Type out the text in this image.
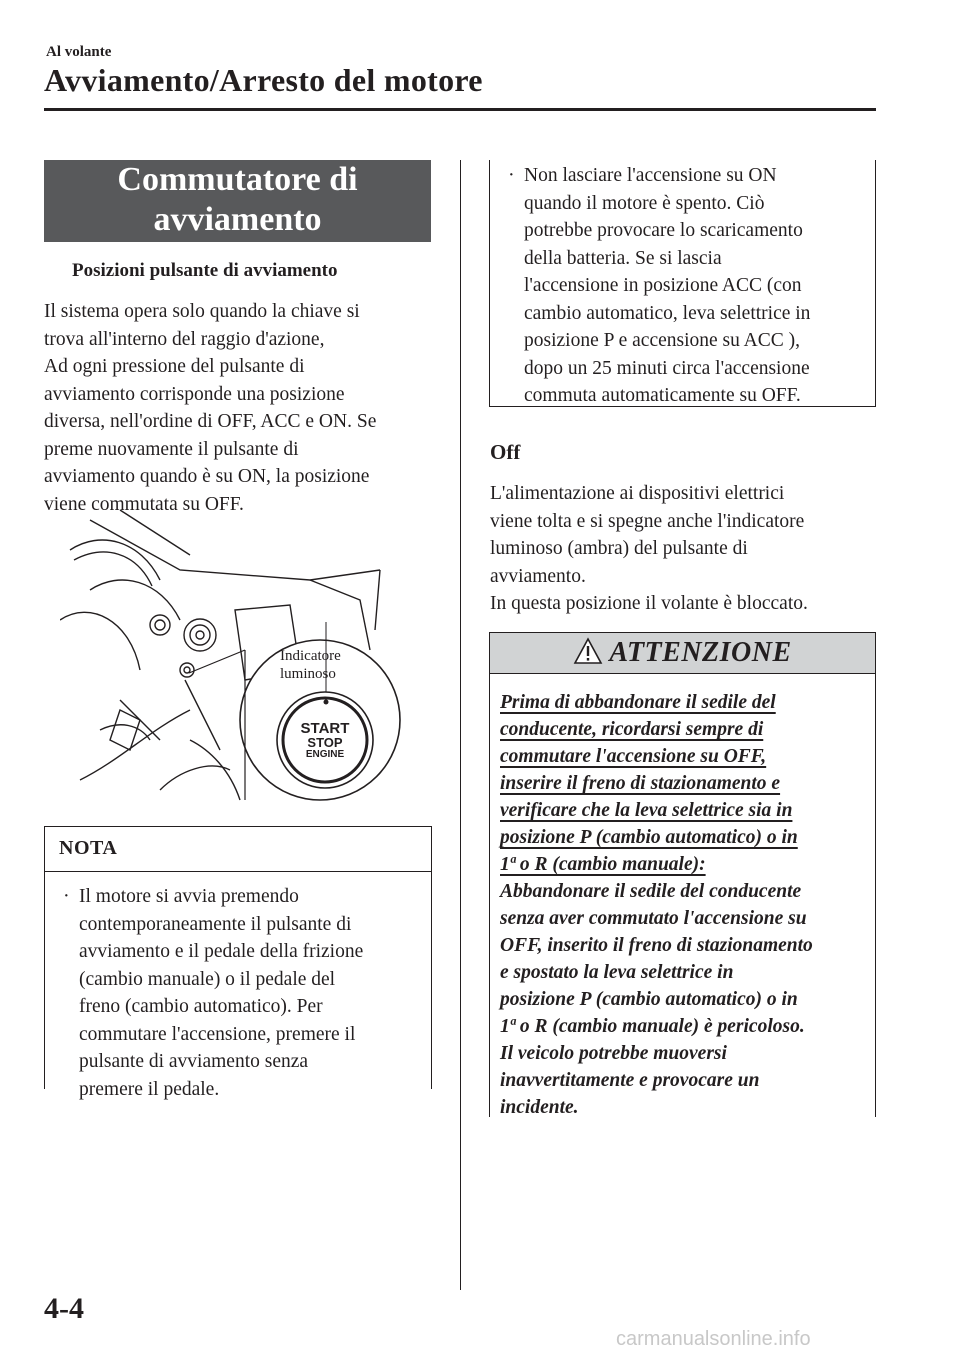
Al volante
Avviamento/Arresto del motore
Commutatore di
avviamento
Posizioni pulsante di avviamento
Il sistema opera solo quando la chiave si
trova all'interno del raggio d'azione,
Ad ogni pressione del pulsante di
avviamento corrisponde una posizione
diversa, nell'ordine di OFF, ACC e ON. Se
preme nuovamente il pulsante di
avviamento quando è su ON, la posizione
viene commutata su OFF.
Indicatore
luminoso
START
STOP
ENGINE
NOTA
· Il motore si avvia premendo
contemporaneamente il pulsante di
avviamento e il pedale della frizione
(cambio manuale) o il pedale del
freno (cambio automatico). Per
commutare l'accensione, premere il
pulsante di avviamento senza
premere il pedale.
· Non lasciare l'accensione su ON
quando il motore è spento. Ciò
potrebbe provocare lo scaricamento
della batteria. Se si lascia
l'accensione in posizione ACC (con
cambio automatico, leva selettrice in
posizione P e accensione su ACC ),
dopo un 25 minuti circa l'accensione
commuta automaticamente su OFF.
Off
L'alimentazione ai dispositivi elettrici
viene tolta e si spegne anche l'indicatore
luminoso (ambra) del pulsante di
avviamento.
In questa posizione il volante è bloccato.
ATTENZIONE
Prima di abbandonare il sedile del
conducente, ricordarsi sempre di
commutare l'accensione su OFF,
inserire il freno di stazionamento e
verificare che la leva selettrice sia in
posizione P (cambio automatico) o in
1ª o R (cambio manuale):
Abbandonare il sedile del conducente
senza aver commutato l'accensione su
OFF, inserito il freno di stazionamento
e spostato la leva selettrice in
posizione P (cambio automatico) o in
1ª o R (cambio manuale) è pericoloso.
Il veicolo potrebbe muoversi
inavvertitamente e provocare un
incidente.
4-4
carmanualsonline.info
